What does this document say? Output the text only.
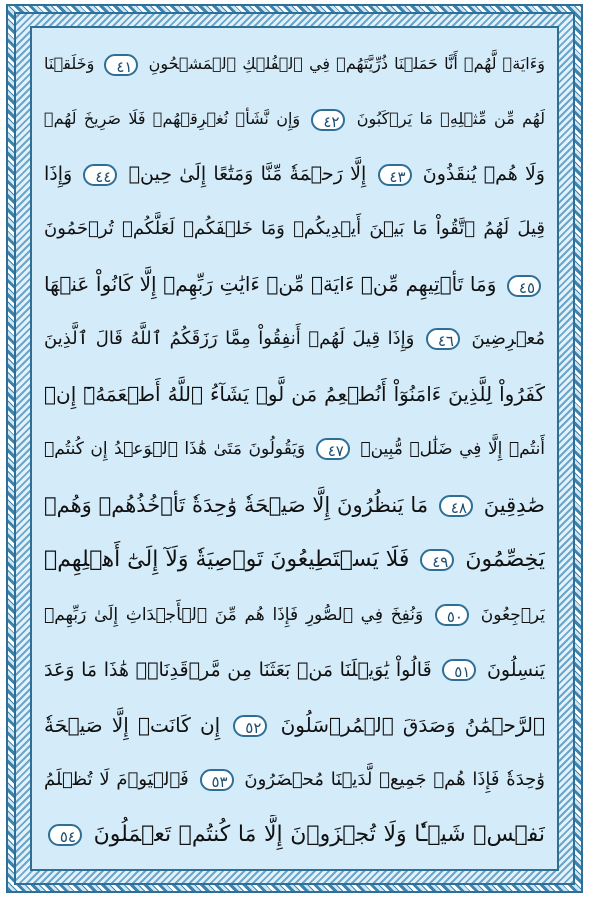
وَءَايَةٞ لَّهُمۡ أَنَّا حَمَلۡنَا ذُرِّيَّتَهُمۡ فِي ٱلۡفُلۡكِ ٱلۡمَشۡحُونِ ٤١ وَخَلَقۡنَا
لَهُم مِّن مِّثۡلِهِۦ مَا يَرۡكَبُونَ ٤٢ وَإِن نَّشَأۡ نُغۡرِقۡهُمۡ فَلَا صَرِيخَ لَهُمۡ
وَلَا هُمۡ يُنقَذُونَ ٤٣ إِلَّا رَحۡمَةٗ مِّنَّا وَمَتَٰعًا إِلَىٰ حِينٖ ٤٤ وَإِذَا
قِيلَ لَهُمُ ٱتَّقُواْ مَا بَيۡنَ أَيۡدِيكُمۡ وَمَا خَلۡفَكُمۡ لَعَلَّكُمۡ تُرۡحَمُونَ
٤٥ وَمَا تَأۡتِيهِم مِّنۡ ءَايَةٖ مِّنۡ ءَايَٰتِ رَبِّهِمۡ إِلَّا كَانُواْ عَنۡهَا
مُعۡرِضِينَ ٤٦ وَإِذَا قِيلَ لَهُمۡ أَنفِقُواْ مِمَّا رَزَقَكُمُ ٱللَّهُ قَالَ ٱلَّذِينَ
كَفَرُواْ لِلَّذِينَ ءَامَنُوٓاْ أَنُطۡعِمُ مَن لَّوۡ يَشَآءُ ٱللَّهُ أَطۡعَمَهُۥٓ إِنۡ
أَنتُمۡ إِلَّا فِي ضَلَٰلٖ مُّبِينٖ ٤٧ وَيَقُولُونَ مَتَىٰ هَٰذَا ٱلۡوَعۡدُ إِن كُنتُمۡ
صَٰدِقِينَ ٤٨ مَا يَنظُرُونَ إِلَّا صَيۡحَةٗ وَٰحِدَةٗ تَأۡخُذُهُمۡ وَهُمۡ
يَخِصِّمُونَ ٤٩ فَلَا يَسۡتَطِيعُونَ تَوۡصِيَةٗ وَلَآ إِلَىٰٓ أَهۡلِهِمۡ
يَرۡجِعُونَ ٥٠ وَنُفِخَ فِي ٱلصُّورِ فَإِذَا هُم مِّنَ ٱلۡأَجۡدَاثِ إِلَىٰ رَبِّهِمۡ
يَنسِلُونَ ٥١ قَالُواْ يَٰوَيۡلَنَا مَنۢ بَعَثَنَا مِن مَّرۡقَدِنَاۜۗ هَٰذَا مَا وَعَدَ
ٱلرَّحۡمَٰنُ وَصَدَقَ ٱلۡمُرۡسَلُونَ ٥٢ إِن كَانَتۡ إِلَّا صَيۡحَةٗ
وَٰحِدَةٗ فَإِذَا هُمۡ جَمِيعٞ لَّدَيۡنَا مُحۡضَرُونَ ٥٣ فَٱلۡيَوۡمَ لَا تُظۡلَمُ
نَفۡسٞ شَيۡـٔٗا وَلَا تُجۡزَوۡنَ إِلَّا مَا كُنتُمۡ تَعۡمَلُونَ ٥٤
